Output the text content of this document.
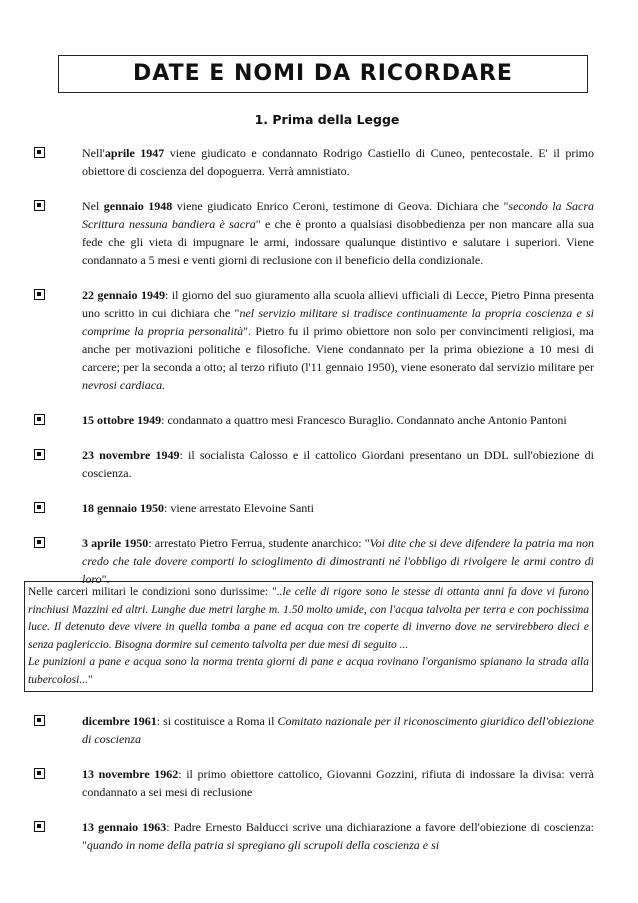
DATE E NOMI DA RICORDARE
1. Prima della Legge
Nell'aprile 1947 viene giudicato e condannato Rodrigo Castiello di Cuneo, pentecostale. E' il primo obiettore di coscienza del dopoguerra. Verrà amnistiato.
Nel gennaio 1948 viene giudicato Enrico Ceroni, testimone di Geova. Dichiara che "secondo la Sacra Scrittura nessuna bandiera è sacra" e che è pronto a qualsiasi disobbedienza per non mancare alla sua fede che gli vieta di impugnare le armi, indossare qualunque distintivo e salutare i superiori. Viene condannato a 5 mesi e venti giorni di reclusione con il beneficio della condizionale.
22 gennaio 1949: il giorno del suo giuramento alla scuola allievi ufficiali di Lecce, Pietro Pinna presenta uno scritto in cui dichiara che "nel servizio militare si tradisce continuamente la propria coscienza e si comprime la propria personalità". Pietro fu il primo obiettore non solo per convincimenti religiosi, ma anche per motivazioni politiche e filosofiche. Viene condannato per la prima obiezione a 10 mesi di carcere; per la seconda a otto; al terzo rifiuto (l'11 gennaio 1950), viene esonerato dal servizio militare per nevrosi cardiaca.
15 ottobre 1949: condannato a quattro mesi Francesco Buraglio. Condannato anche Antonio Pantoni
23 novembre 1949: il socialista Calosso e il cattolico Giordani presentano un DDL sull'obiezione di coscienza.
18 gennaio 1950: viene arrestato Elevoine Santi
3 aprile 1950: arrestato Pietro Ferrua, studente anarchico: "Voi dite che si deve difendere la patria ma non credo che tale dovere comporti lo scioglimento di dimostranti né l'obbligo di rivolgere le armi contro di loro".
Nelle carceri militari le condizioni sono durissime: "..le celle di rigore sono le stesse di ottanta anni fa dove vi furono rinchiusi Mazzini ed altri. Lunghe due metri larghe m. 1.50 molto umide, con l'acqua talvolta per terra e con pochissima luce. Il detenuto deve vivere in quella tomba a pane ed acqua con tre coperte di inverno dove ne servirebbero dieci e senza paglericcio. Bisogna dormire sul cemento talvolta per due mesi di seguito ...
Le punizioni a pane e acqua sono la norma trenta giorni di pane e acqua rovinano l'organismo spianano la strada alla tubercolosi..."
dicembre 1961: si costituisce a Roma il Comitato nazionale per il riconoscimento giuridico dell'obiezione di coscienza
13 novembre 1962: il primo obiettore cattolico, Giovanni Gozzini, rifiuta di indossare la divisa: verrà condannato a sei mesi di reclusione
13 gennaio 1963: Padre Ernesto Balducci scrive una dichiarazione a favore dell'obiezione di coscienza: "quando in nome della patria si spregiano gli scrupoli della coscienza e si
